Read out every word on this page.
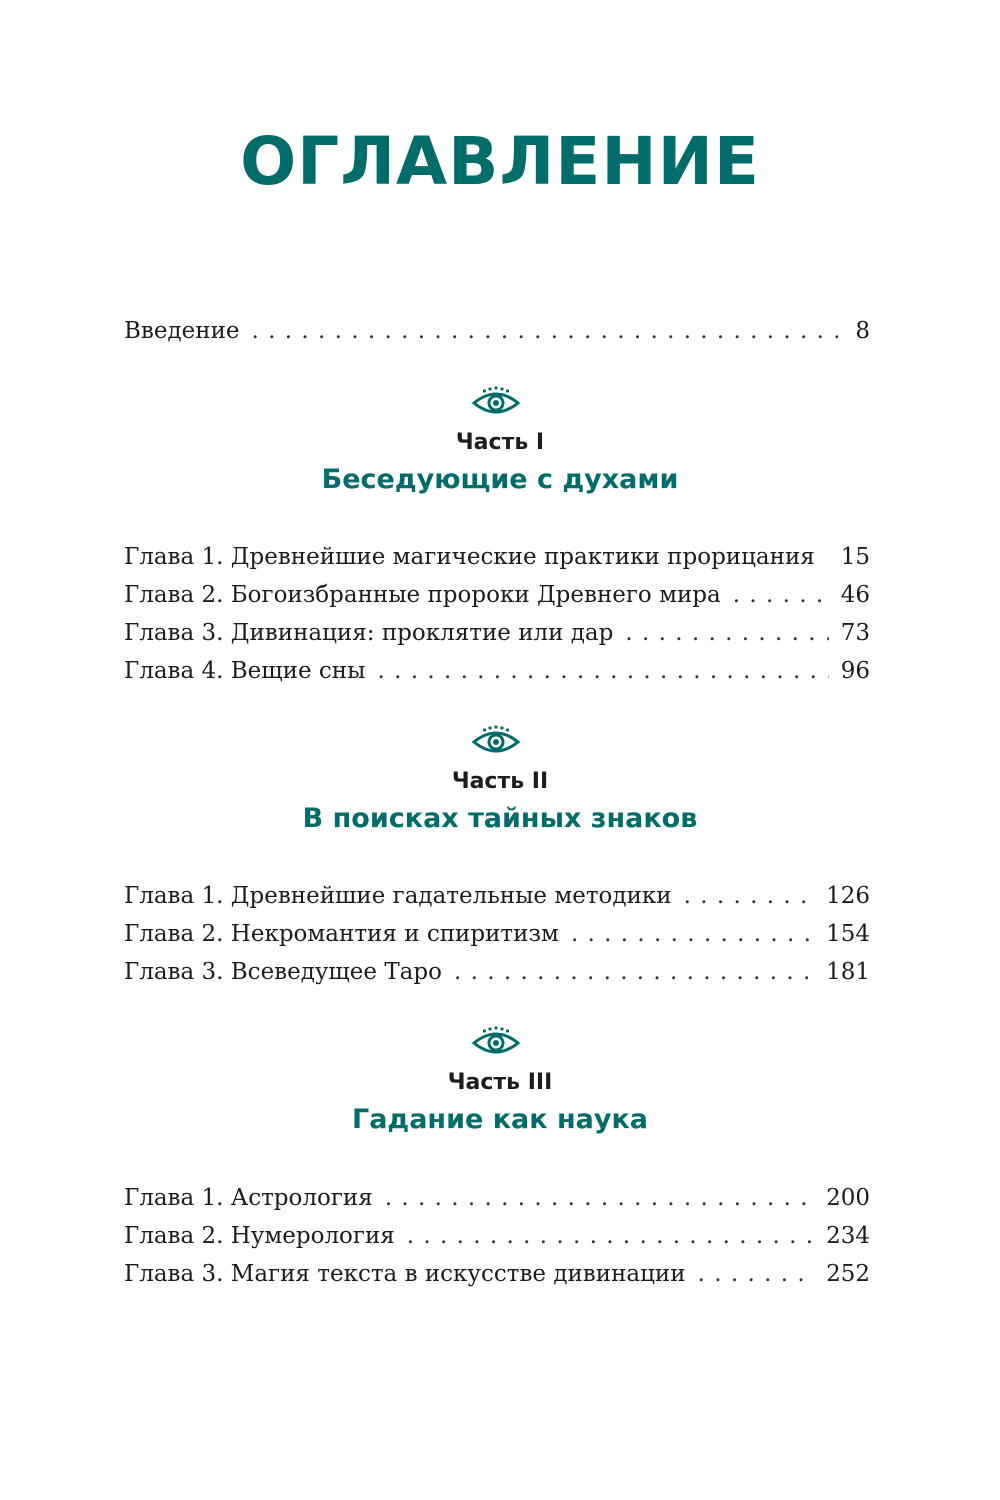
ОГЛАВЛЕНИЕ
Введение . . .	8
Часть I
Беседующие с духами
Глава 1. Древнейшие магические практики прорицания . . . 15
Глава 2. Богоизбранные пророки Древнего мира . . .	46
Глава 3. Дивинация: проклятие или дар . . .	73
Глава 4. Вещие сны . . .	96
Часть II
В поисках тайных знаков
Глава 1. Древнейшие гадательные методики . . .	126
Глава 2. Некромантия и спиритизм . . .	154
Глава 3. Всеведущее Таро . . .	181
Часть III
Гадание как наука
Глава 1. Астрология . . .	200
Глава 2. Нумерология . . .	234
Глава 3. Магия текста в искусстве дивинации . . .	252
